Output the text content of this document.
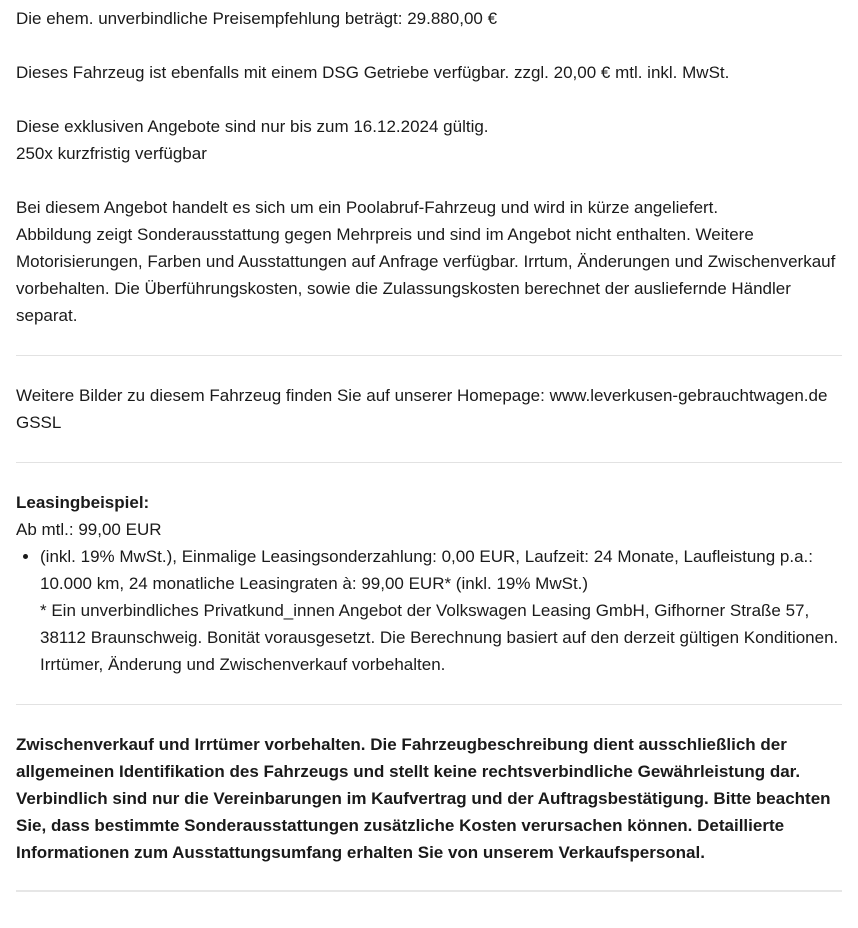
Die ehem. unverbindliche Preisempfehlung beträgt: 29.880,00 €

Dieses Fahrzeug ist ebenfalls mit einem DSG Getriebe verfügbar. zzgl. 20,00 € mtl. inkl. MwSt.

Diese exklusiven Angebote sind nur bis zum 16.12.2024 gültig.

250x kurzfristig verfügbar

Bei diesem Angebot handelt es sich um ein Poolabruf-Fahrzeug und wird in kürze angeliefert.

Abbildung zeigt Sonderausstattung gegen Mehrpreis und sind im Angebot nicht enthalten. Weitere Motorisierungen, Farben und Ausstattungen auf Anfrage verfügbar. Irrtum, Änderungen und Zwischenverkauf vorbehalten. Die Überführungskosten, sowie die Zulassungskosten berechnet der ausliefernde Händler separat.

Weitere Bilder zu diesem Fahrzeug finden Sie auf unserer Homepage: www.leverkusen-gebrauchtwagen.de

GSSL

Leasingbeispiel:

Ab mtl.: 99,00 EUR

• (inkl. 19% MwSt.), Einmalige Leasingsonderzahlung: 0,00 EUR, Laufzeit: 24 Monate, Laufleistung p.a.: 10.000 km, 24 monatliche Leasingraten à: 99,00 EUR* (inkl. 19% MwSt.)
* Ein unverbindliches Privatkund_innen Angebot der Volkswagen Leasing GmbH, Gifhorner Straße 57, 38112 Braunschweig. Bonität vorausgesetzt. Die Berechnung basiert auf den derzeit gültigen Konditionen. Irrtümer, Änderung und Zwischenverkauf vorbehalten.

Zwischenverkauf und Irrtümer vorbehalten. Die Fahrzeugbeschreibung dient ausschließlich der allgemeinen Identifikation des Fahrzeugs und stellt keine rechtsverbindliche Gewährleistung dar. Verbindlich sind nur die Vereinbarungen im Kaufvertrag und der Auftragsbestätigung. Bitte beachten Sie, dass bestimmte Sonderausstattungen zusätzliche Kosten verursachen können. Detaillierte Informationen zum Ausstattungsumfang erhalten Sie von unserem Verkaufspersonal.
